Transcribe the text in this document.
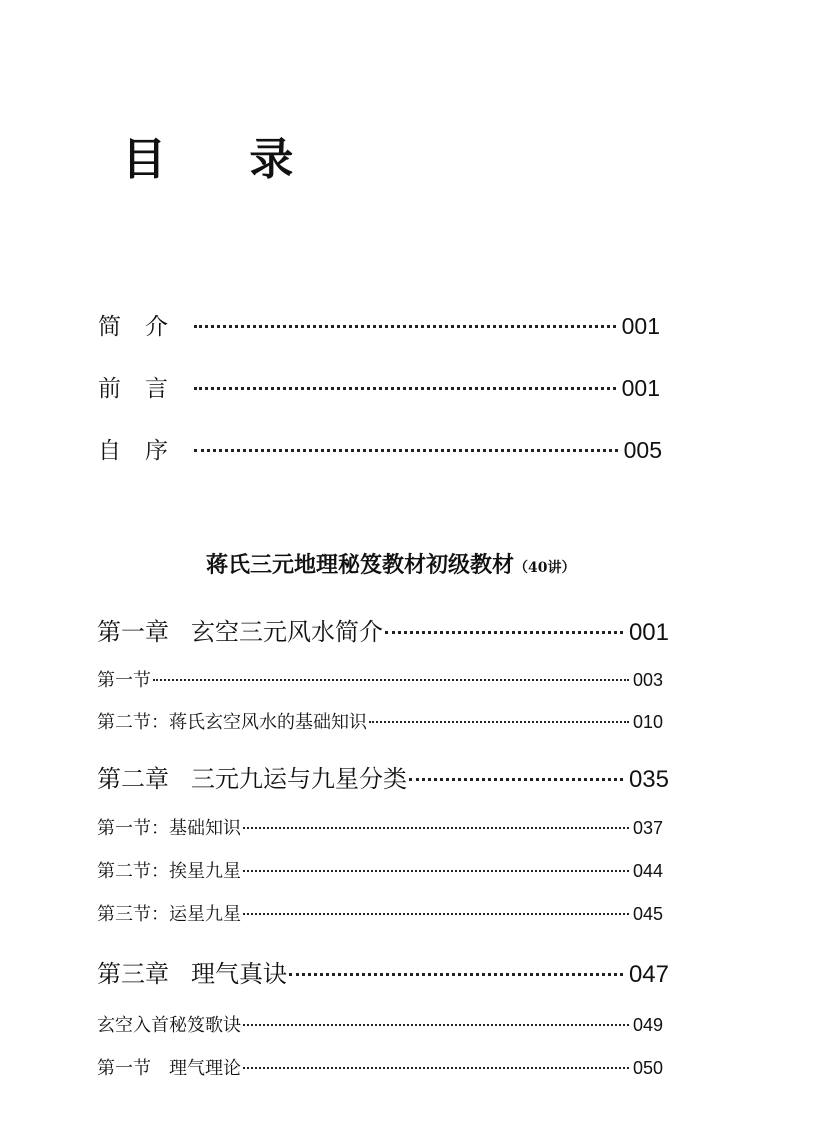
目 录
简介	001
前言	001
自序	005
蒋氏三元地理秘笈教材初级教材（40讲）
第一章 玄空三元风水简介	001
第一节	003
第二节：蒋氏玄空风水的基础知识	010
第二章 三元九运与九星分类	035
第一节：基础知识	037
第二节：挨星九星	044
第三节：运星九星	045
第三章 理气真诀	047
玄空入首秘笈歌诀	049
第一节　理气理论	050
